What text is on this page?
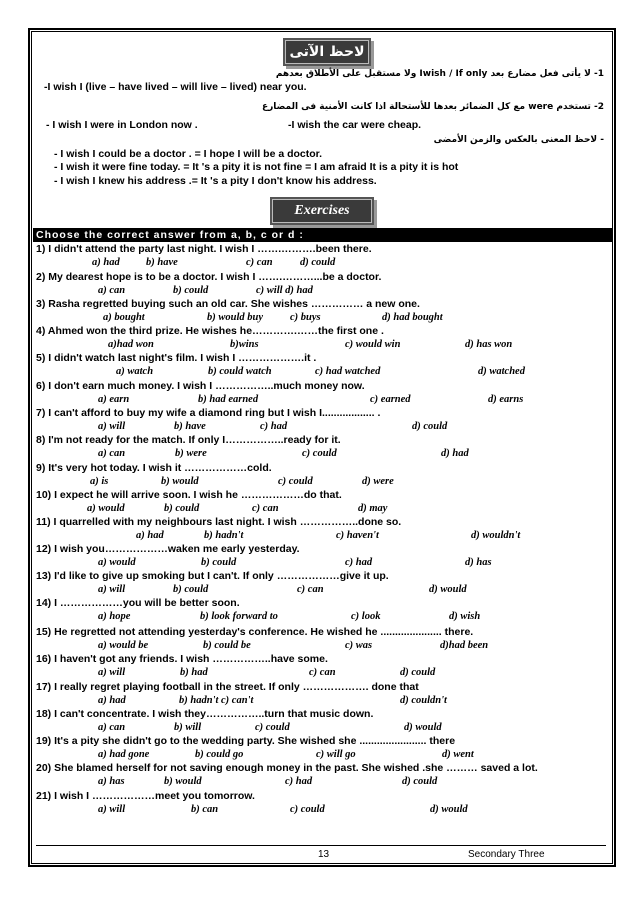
لاحظ الآتى
1- لا يأتى فعل مضارع بعد Iwish / If only ولا مستقبل على الأطلاق بعدهم
-I wish I (live – have lived – will live – lived) near you.
2- تستخدم were مع كل الضمائر بعدها للأستحالة اذا كانت الأمنية فى المضارع
- I wish I were in London now .	-I wish the car were cheap.
- لاحظ المعنى بالعكس والزمن الأمضى
- I wish I could be a doctor . = I hope I will be a doctor.
- I wish it were fine today. = It 's a pity it is not fine = I am afraid It is a pity it is hot
- I wish I knew his address .= It 's a pity I don't know his address.
Exercises
Choose the correct answer from a, b, c or d :
1) I didn't attend the party last night. I wish I …….……….been there.
a) had	b) have	c) can	d) could
2) My dearest hope is to be a doctor. I wish I …….………...be a doctor.
a) can	b) could	c) will d) had
3) Rasha regretted buying such an old car. She wishes …………… a new one.
a) bought	b) would buy	c) buys	d) had bought
4) Ahmed won the third prize. He wishes he………….……the first one .
a)had won	b)wins	c) would win	d) has won
5) I didn't watch last night's film. I wish I ……………….it .
a) watch	b) could watch	c) had watched	d) watched
6) I don't earn much money. I wish I ……………..much money now.
a) earn	b) had earned	c) earned	d) earns
7) I can't afford to buy my wife a diamond ring but I wish I.................. .
a) will	b) have	c) had	d) could
8) I'm not ready for the match. If only I……………..ready for it.
a) can	b) were	c) could	d) had
9) It's very hot today. I wish it ………………cold.
a) is	b) would	c) could	d) were
10) I expect he will arrive soon. I wish he ………………do that.
a) would	b) could	c) can	d) may
11) I quarrelled with my neighbours last night. I wish ……………..done so.
a) had	b) hadn't	c) haven't	d) wouldn't
12) I wish you………………waken me early yesterday.
a) would	b) could	c) had	d) has
13) I'd like to give up smoking but I can't. If only ………………give it up.
a) will	b) could	c) can	d) would
14) I ………………you will be better soon.
a) hope	b) look forward to	c) look	d) wish
15) He regretted not attending yesterday's conference. He wished he ..................... there.
a) would be	b) could be	c) was	d)had been
16) I haven't got any friends. I wish ……………..have some.
a) will	b) had	c) can	d) could
17) I really regret playing football in the street. If only ………………. done that
a) had	b) hadn't c) can't	d) couldn't
18) I can't concentrate. I wish they……………..turn that music down.
a) can	b) will	c) could	d) would
19) It's a pity she didn't go to the wedding party. She wished she ....................... there
a) had gone	b) could go	c) will go	d) went
20) She blamed herself for not saving enough money in the past. She wished .she ……… saved a lot.
a) has	b) would	c) had	d) could
21) I wish I ………………meet you tomorrow.
a) will	b) can	c) could	d) would
13	Secondary Three
